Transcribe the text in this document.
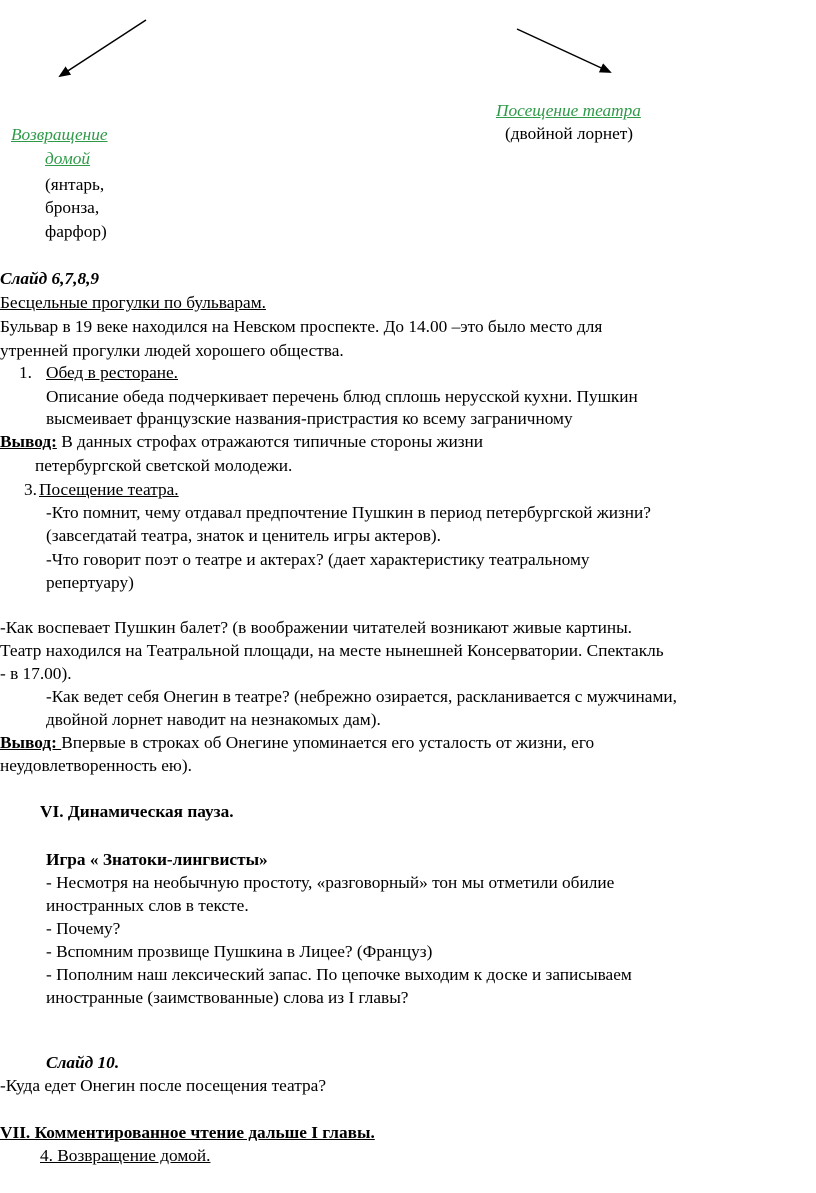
Посещение театра
(двойной лорнет)
Возвращение
домой
(янтарь,
бронза,
фарфор)
Слайд 6,7,8,9
Бесцельные прогулки по бульварам.
Бульвар в 19 веке находился на Невском проспекте. До 14.00 –это было место для
утренней прогулки людей хорошего общества.
1. Обед в ресторане.
Описание обеда подчеркивает перечень блюд сплошь нерусской кухни. Пушкин
высмеивает французские названия-пристрастия ко всему заграничному
Вывод: В данных строфах отражаются типичные стороны жизни
петербургской светской молодежи.
3. Посещение театра.
-Кто помнит, чему отдавал предпочтение Пушкин в период петербургской жизни?
(завсегдатай театра, знаток и ценитель игры актеров).
-Что говорит поэт о театре и актерах? (дает характеристику театральному
репертуару)
-Как воспевает Пушкин балет? (в воображении читателей возникают живые картины.
Театр находился на Театральной площади, на месте нынешней Консерватории. Спектакль
- в 17.00).
-Как ведет себя Онегин в театре? (небрежно озирается, раскланивается с мужчинами,
двойной лорнет наводит на незнакомых дам).
Вывод: Впервые в строках об Онегине упоминается его усталость от жизни, его
неудовлетворенность ею).
VI. Динамическая пауза.
Игра « Знатоки-лингвисты»
- Несмотря на необычную простоту, «разговорный» тон мы отметили обилие
иностранных слов в тексте.
- Почему?
- Вспомним прозвище Пушкина в Лицее? (Француз)
- Пополним наш лексический запас. По цепочке выходим к доске и записываем
иностранные (заимствованные) слова из I главы?
Слайд 10.
-Куда едет Онегин после посещения театра?
VII. Комментированное чтение дальше I главы.
4. Возвращение домой.
